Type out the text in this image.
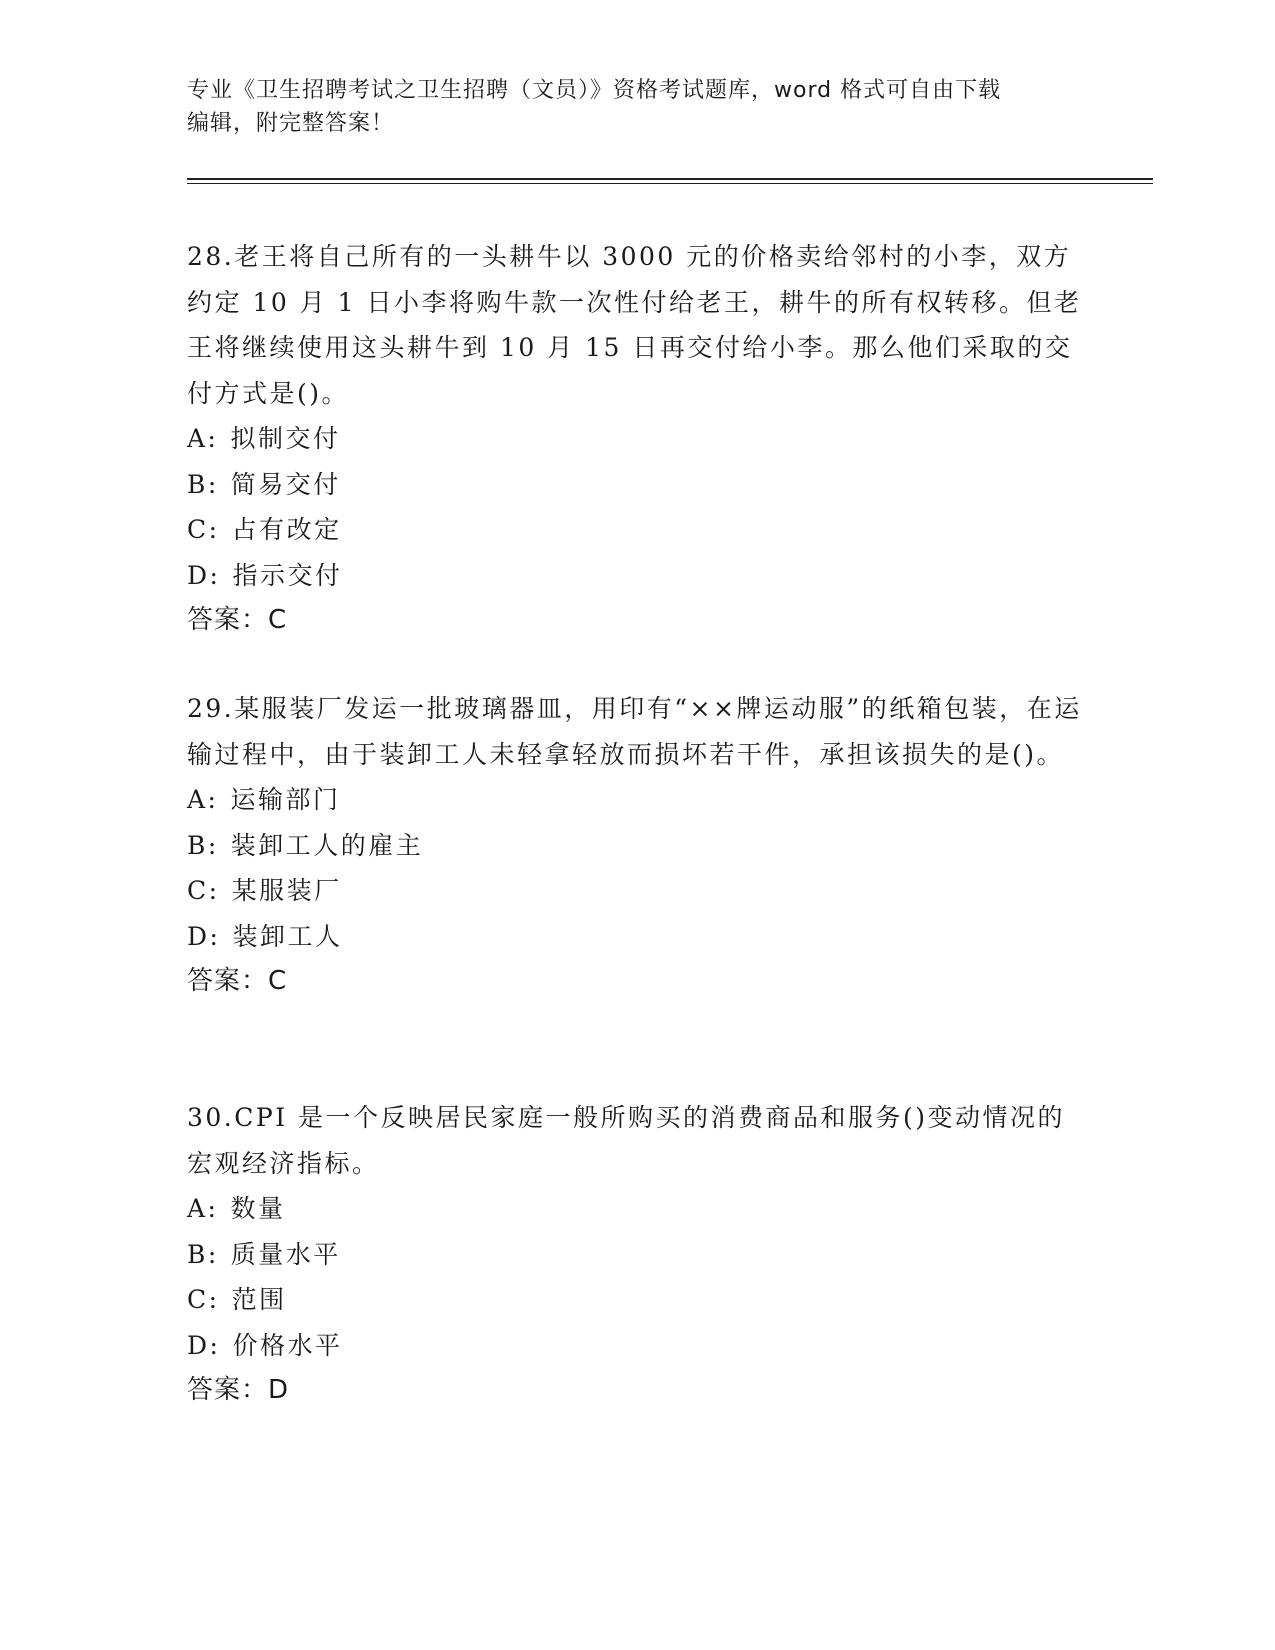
专业《卫生招聘考试之卫生招聘（文员）》资格考试题库，word 格式可自由下载
编辑，附完整答案！

28.老王将自己所有的一头耕牛以 3000 元的价格卖给邻村的小李，双方约定 10 月 1 日小李将购牛款一次性付给老王，耕牛的所有权转移。但老王将继续使用这头耕牛到 10 月 15 日再交付给小李。那么他们采取的交付方式是()。

A: 拟制交付

B: 简易交付

C: 占有改定

D: 指示交付

答案：C

29.某服装厂发运一批玻璃器皿，用印有“××牌运动服”的纸箱包装，在运输过程中，由于装卸工人未轻拿轻放而损坏若干件，承担该损失的是()。

A: 运输部门

B: 装卸工人的雇主

C: 某服装厂

D: 装卸工人

答案：C

30.CPI 是一个反映居民家庭一般所购买的消费商品和服务()变动情况的宏观经济指标。

A: 数量

B: 质量水平

C: 范围

D: 价格水平

答案：D
